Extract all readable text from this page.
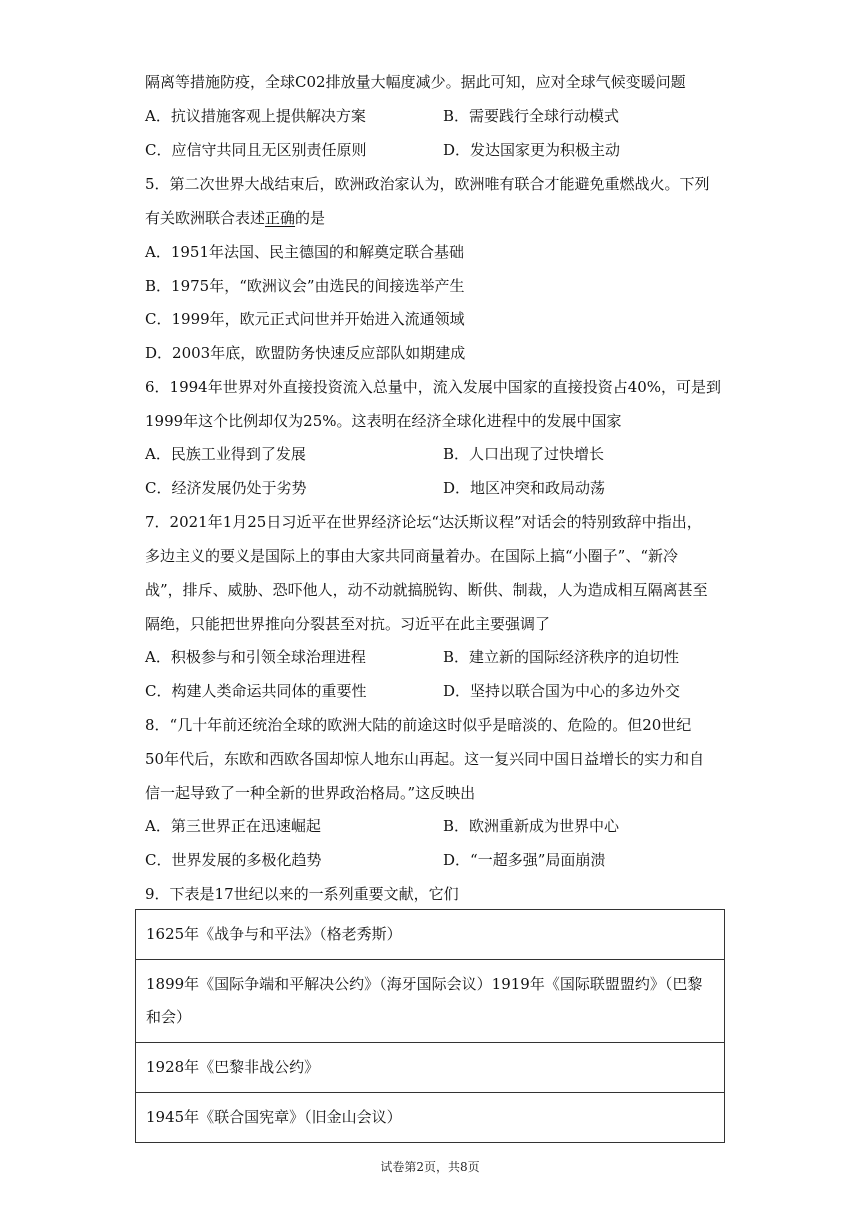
隔离等措施防疫，全球C02排放量大幅度减少。据此可知，应对全球气候变暖问题
A．抗议措施客观上提供解决方案	B．需要践行全球行动模式
C．应信守共同且无区别责任原则	D．发达国家更为积极主动
5．第二次世界大战结束后，欧洲政治家认为，欧洲唯有联合才能避免重燃战火。下列
有关欧洲联合表述正确的是
A．1951年法国、民主德国的和解奠定联合基础
B．1975年，“欧洲议会”由选民的间接选举产生
C．1999年，欧元正式问世并开始进入流通领域
D．2003年底，欧盟防务快速反应部队如期建成
6．1994年世界对外直接投资流入总量中，流入发展中国家的直接投资占40%，可是到
1999年这个比例却仅为25%。这表明在经济全球化进程中的发展中国家
A．民族工业得到了发展	B．人口出现了过快增长
C．经济发展仍处于劣势	D．地区冲突和政局动荡
7．2021年1月25日习近平在世界经济论坛“达沃斯议程”对话会的特别致辞中指出，
多边主义的要义是国际上的事由大家共同商量着办。在国际上搞“小圈子”、“新冷
战”，排斥、威胁、恐吓他人，动不动就搞脱钩、断供、制裁，人为造成相互隔离甚至
隔绝，只能把世界推向分裂甚至对抗。习近平在此主要强调了
A．积极参与和引领全球治理进程	B．建立新的国际经济秩序的迫切性
C．构建人类命运共同体的重要性	D．坚持以联合国为中心的多边外交
8．“几十年前还统治全球的欧洲大陆的前途这时似乎是暗淡的、危险的。但20世纪
50年代后，东欧和西欧各国却惊人地东山再起。这一复兴同中国日益增长的实力和自
信一起导致了一种全新的世界政治格局。”这反映出
A．第三世界正在迅速崛起	B．欧洲重新成为世界中心
C．世界发展的多极化趋势	D．“一超多强”局面崩溃
9．下表是17世纪以来的一系列重要文献，它们
1625年《战争与和平法》（格老秀斯）
1899年《国际争端和平解决公约》（海牙国际会议）1919年《国际联盟盟约》（巴黎和会）
1928年《巴黎非战公约》
1945年《联合国宪章》（旧金山会议）
试卷第2页，共8页
